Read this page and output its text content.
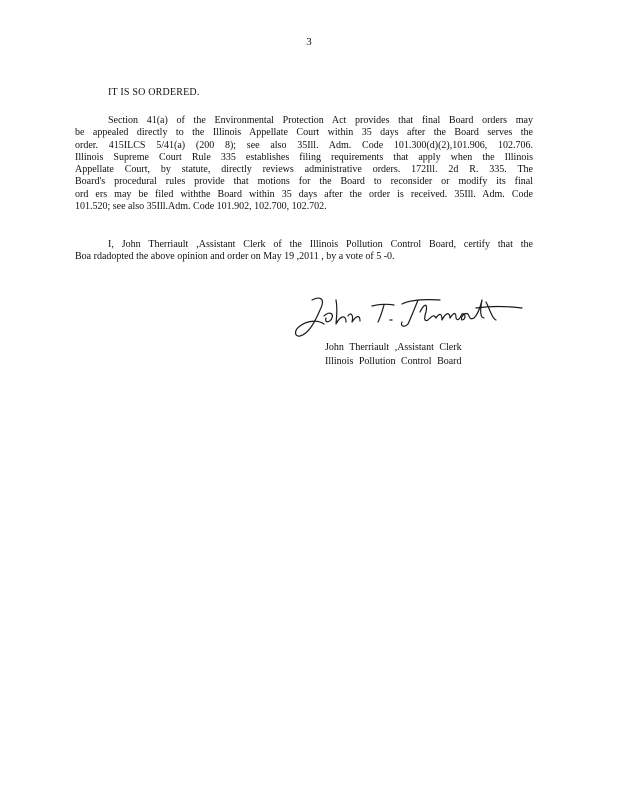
3
IT IS SO ORDERED.
Section 41(a) of the Environmental Protection Act provides that final Board orders may
be appealed directly to the Illinois Appellate Court within 35 days after the Board serves the
order. 415ILCS 5/41(a) (200 8); see also 35Ill. Adm. Code 101.300(d)(2),101.906, 102.706.
Illinois Supreme Court Rule 335 establishes filing requirements that apply when the Illinois
Appellate Court, by statute, directly reviews administrative orders. 172Ill. 2d R. 335. The
Board's procedural rules provide that motions for the Board to reconsider or modify its final
ord ers may be filed withthe Board within 35 days after the order is received. 35Ill. Adm. Code
101.520; see also 35Ill.Adm. Code 101.902, 102.700, 102.702.
I, John Therriault ,Assistant Clerk of the Illinois Pollution Control Board, certify that the
Boa rdadopted the above opinion and order on May 19 ,2011 , by a vote of 5 -0.
John Therriault ,Assistant Clerk
Illinois Pollution Control Board
